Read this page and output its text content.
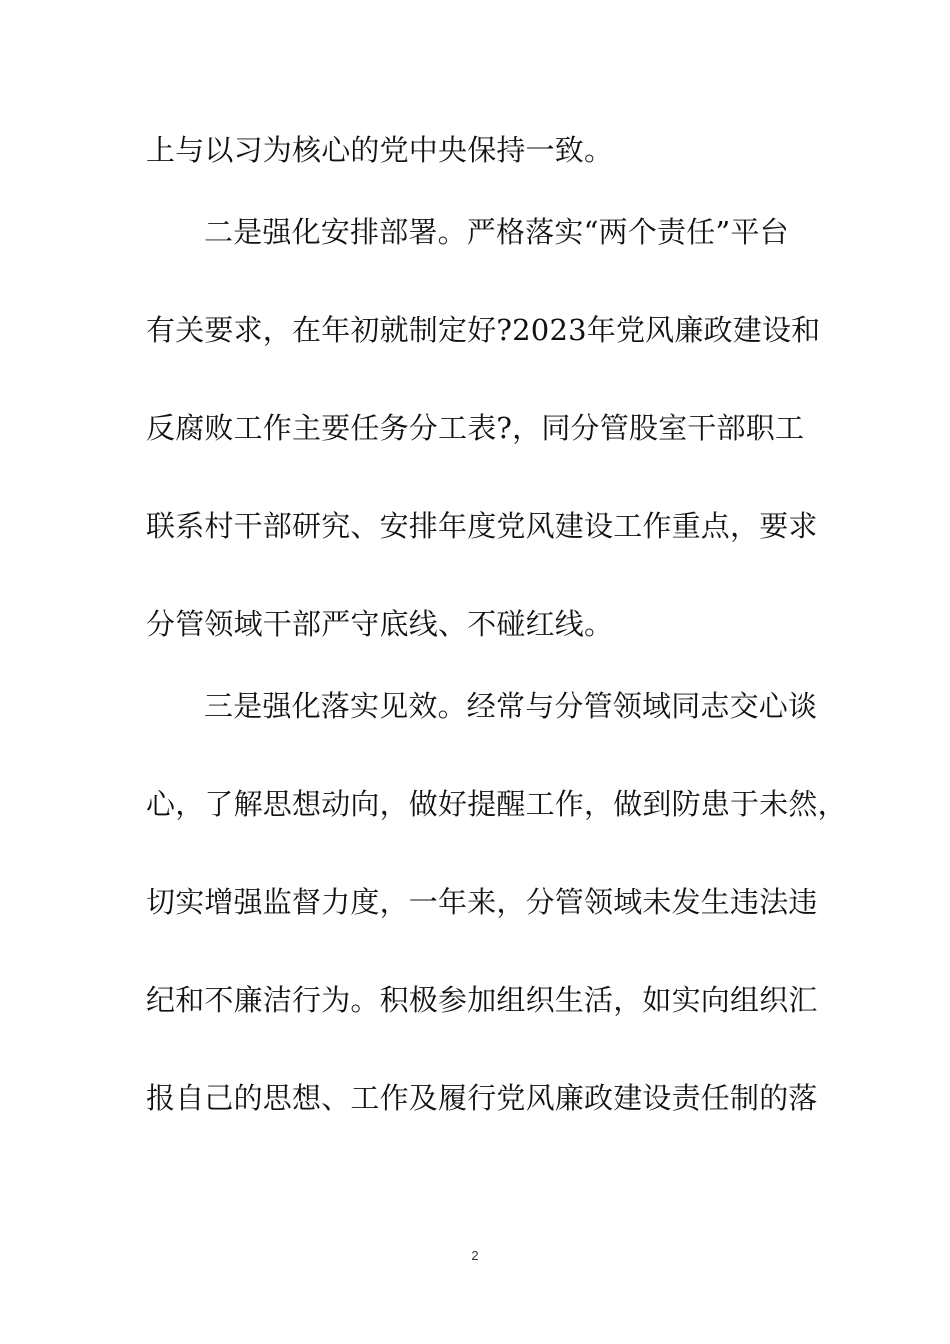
上与以习为核心的党中央保持一致。
二是强化安排部署。严格落实“两个责任”平台
有关要求，在年初就制定好?2023年党风廉政建设和
反腐败工作主要任务分工表?，同分管股室干部职工
联系村干部研究、安排年度党风建设工作重点，要求
分管领域干部严守底线、不碰红线。
三是强化落实见效。经常与分管领域同志交心谈
心，了解思想动向，做好提醒工作，做到防患于未然，
切实增强监督力度，一年来，分管领域未发生违法违
纪和不廉洁行为。积极参加组织生活，如实向组织汇
报自己的思想、工作及履行党风廉政建设责任制的落
2
